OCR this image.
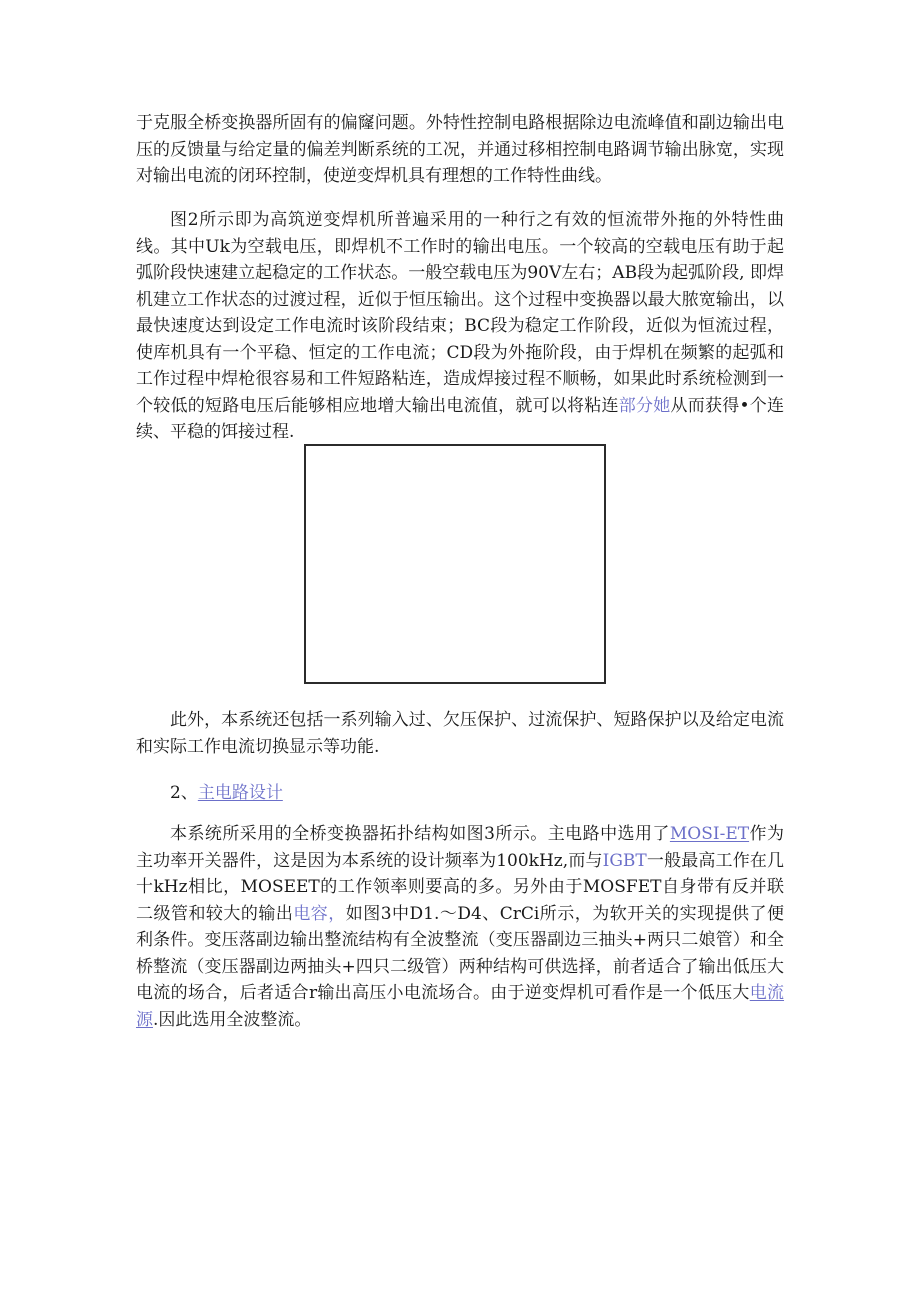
于克服全桥变换器所固有的偏窿问题。外特性控制电路根据除边电流峰值和副边输出电压的反馈量与给定量的偏差判断系统的工况，并通过移相控制电路调节输出脉宽，实现对输出电流的闭环控制，使逆变焊机具有理想的工作特性曲线。

图2所示即为高筑逆变焊机所普遍采用的一种行之有效的恒流带外拖的外特性曲线。其中Uk为空载电压，即焊机不工作时的输出电压。一个较高的空载电压有助于起弧阶段快速建立起稳定的工作状态。一般空载电压为90V左右；AB段为起弧阶段, 即焊机建立工作状态的过渡过程，近似于恒压输出。这个过程中变换器以最大脓宽输出，以最快速度达到设定工作电流时该阶段结束；BC段为稳定工作阶段，近似为恒流过程，使库机具有一个平稳、恒定的工作电流；CD段为外拖阶段，由于焊机在频繁的起弧和工作过程中焊枪很容易和工件短路粘连，造成焊接过程不顺畅，如果此时系统检测到一个较低的短路电压后能够相应地增大输出电流值，就可以将粘连部分她从而获得•个连续、平稳的饵接过程.

此外，本系统还包括一系列输入过、欠压保护、过流保护、短路保护以及给定电流和实际工作电流切换显示等功能.

2、主电路设计

本系统所采用的全桥变换器拓扑结构如图3所示。主电路中选用了MOSI-ET作为主功率开关器件，这是因为本系统的设计频率为100kHz,而与IGBT一般最高工作在几十kHz相比，MOSEET的工作领率则要高的多。另外由于MOSFET自身带有反并联二级管和较大的输出电容，如图3中D1.〜D4、CrCi所示，为软开关的实现提供了便利条件。变压落副边输出整流结构有全波整流（变压器副边三抽头+两只二娘管）和全桥整流（变压器副边两抽头+四只二级管）两种结构可供选择，前者适合了输出低压大电流的场合，后者适合r输出高压小电流场合。由于逆变焊机可看作是一个低压大电流源.因此选用全波整流。
